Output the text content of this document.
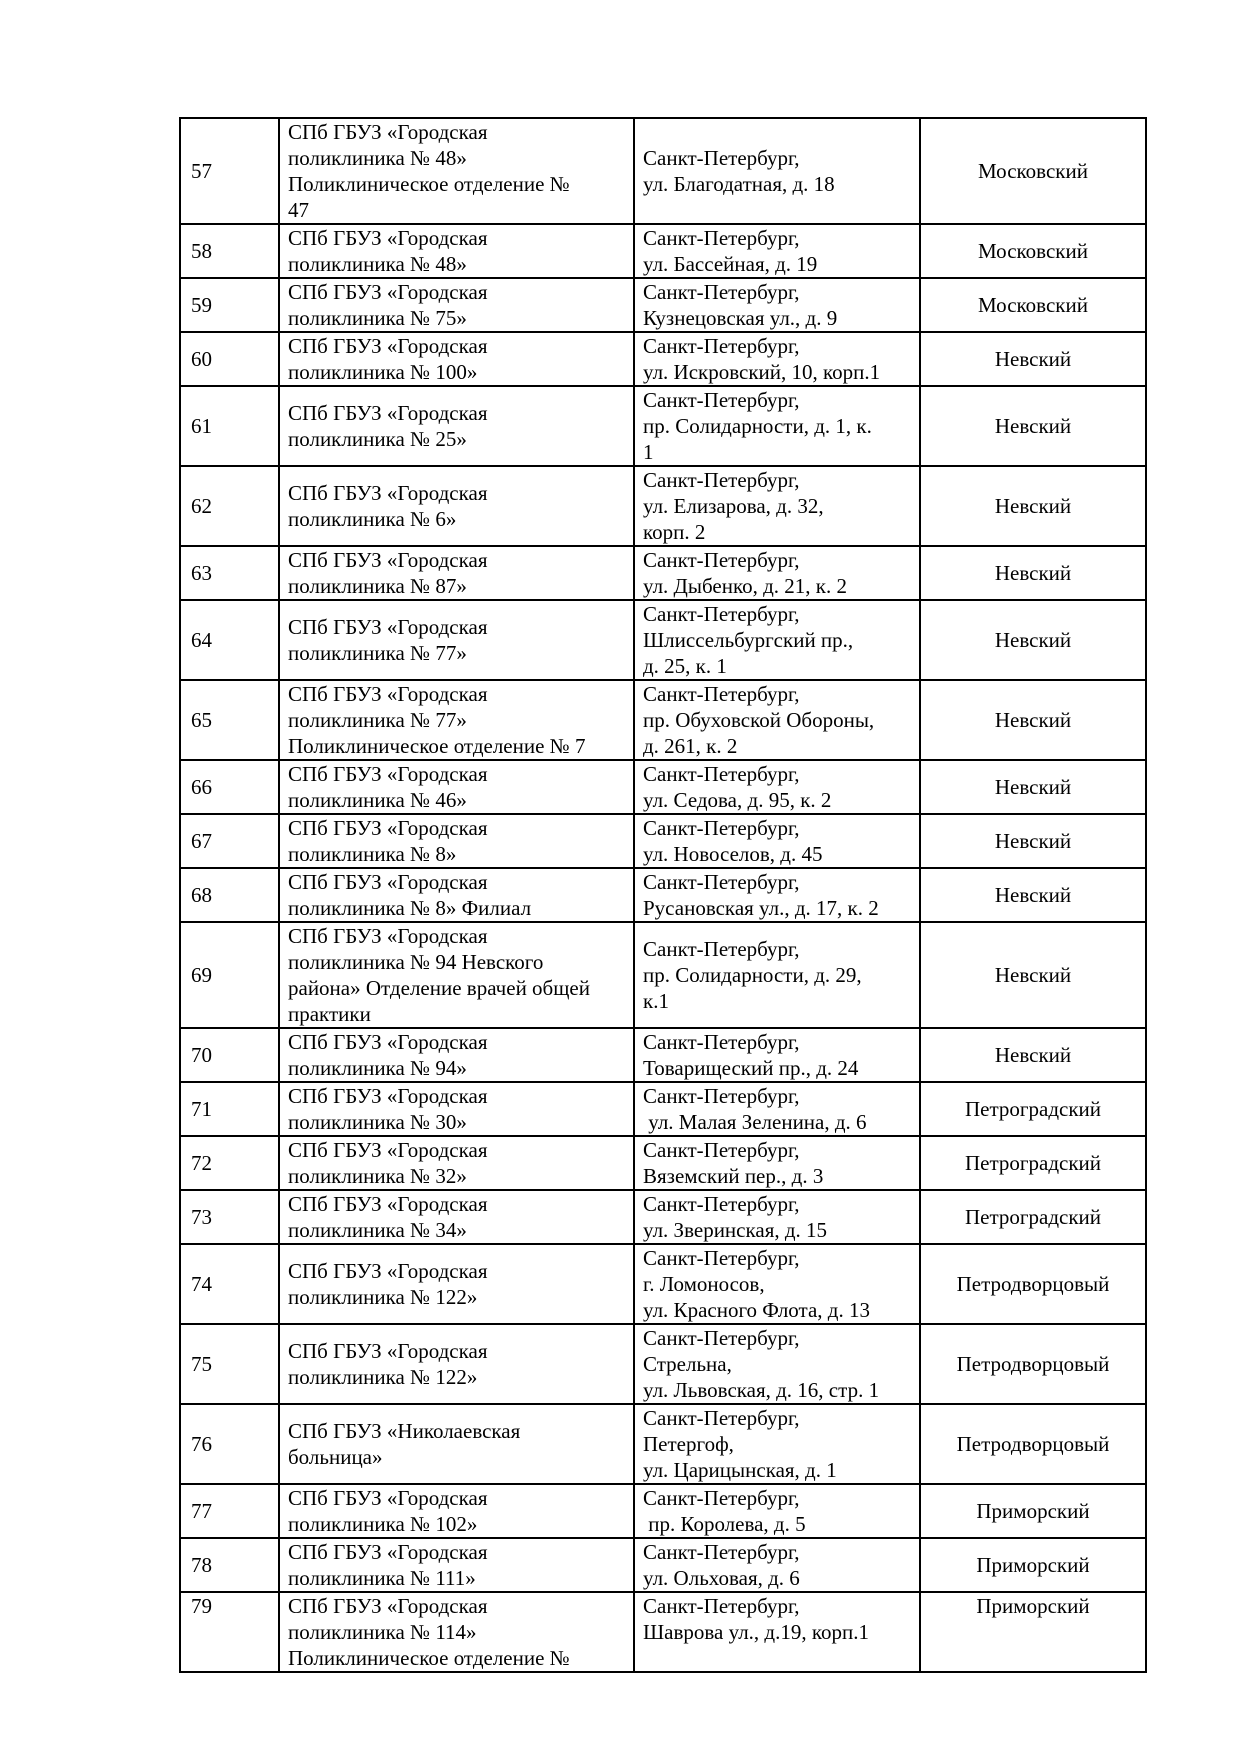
57	СПб ГБУЗ «Городская
поликлиника № 48»
Поликлиническое отделение №
47	Санкт-Петербург,
ул. Благодатная, д. 18	Московский
58	СПб ГБУЗ «Городская
поликлиника № 48»	Санкт-Петербург,
ул. Бассейная, д. 19	Московский
59	СПб ГБУЗ «Городская
поликлиника № 75»	Санкт-Петербург,
Кузнецовская ул., д. 9	Московский
60	СПб ГБУЗ «Городская
поликлиника № 100»	Санкт-Петербург,
ул. Искровский, 10, корп.1	Невский
61	СПб ГБУЗ «Городская
поликлиника № 25»	Санкт-Петербург,
пр. Солидарности, д. 1, к.
1	Невский
62	СПб ГБУЗ «Городская
поликлиника № 6»	Санкт-Петербург,
ул. Елизарова, д. 32,
корп. 2	Невский
63	СПб ГБУЗ «Городская
поликлиника № 87»	Санкт-Петербург,
ул. Дыбенко, д. 21, к. 2	Невский
64	СПб ГБУЗ «Городская
поликлиника № 77»	Санкт-Петербург,
Шлиссельбургский пр.,
д. 25, к. 1	Невский
65	СПб ГБУЗ «Городская
поликлиника № 77»
Поликлиническое отделение № 7	Санкт-Петербург,
пр. Обуховской Обороны,
д. 261, к. 2	Невский
66	СПб ГБУЗ «Городская
поликлиника № 46»	Санкт-Петербург,
ул. Седова, д. 95, к. 2	Невский
67	СПб ГБУЗ «Городская
поликлиника № 8»	Санкт-Петербург,
ул. Новоселов, д. 45	Невский
68	СПб ГБУЗ «Городская
поликлиника № 8» Филиал	Санкт-Петербург,
Русановская ул., д. 17, к. 2	Невский
69	СПб ГБУЗ «Городская
поликлиника № 94 Невского
района» Отделение врачей общей
практики	Санкт-Петербург,
пр. Солидарности, д. 29,
к.1	Невский
70	СПб ГБУЗ «Городская
поликлиника № 94»	Санкт-Петербург,
Товарищеский пр., д. 24	Невский
71	СПб ГБУЗ «Городская
поликлиника № 30»	Санкт-Петербург,
ул. Малая Зеленина, д. 6	Петроградский
72	СПб ГБУЗ «Городская
поликлиника № 32»	Санкт-Петербург,
Вяземский пер., д. 3	Петроградский
73	СПб ГБУЗ «Городская
поликлиника № 34»	Санкт-Петербург,
ул. Зверинская, д. 15	Петроградский
74	СПб ГБУЗ «Городская
поликлиника № 122»	Санкт-Петербург,
г. Ломоносов,
ул. Красного Флота, д. 13	Петродворцовый
75	СПб ГБУЗ «Городская
поликлиника № 122»	Санкт-Петербург,
Стрельна,
ул. Львовская, д. 16, стр. 1	Петродворцовый
76	СПб ГБУЗ «Николаевская
больница»	Санкт-Петербург,
Петергоф,
ул. Царицынская, д. 1	Петродворцовый
77	СПб ГБУЗ «Городская
поликлиника № 102»	Санкт-Петербург,
пр. Королева, д. 5	Приморский
78	СПб ГБУЗ «Городская
поликлиника № 111»	Санкт-Петербург,
ул. Ольховая, д. 6	Приморский
79	СПб ГБУЗ «Городская
поликлиника № 114»
Поликлиническое отделение №	Санкт-Петербург,
Шаврова ул., д.19, корп.1	Приморский
